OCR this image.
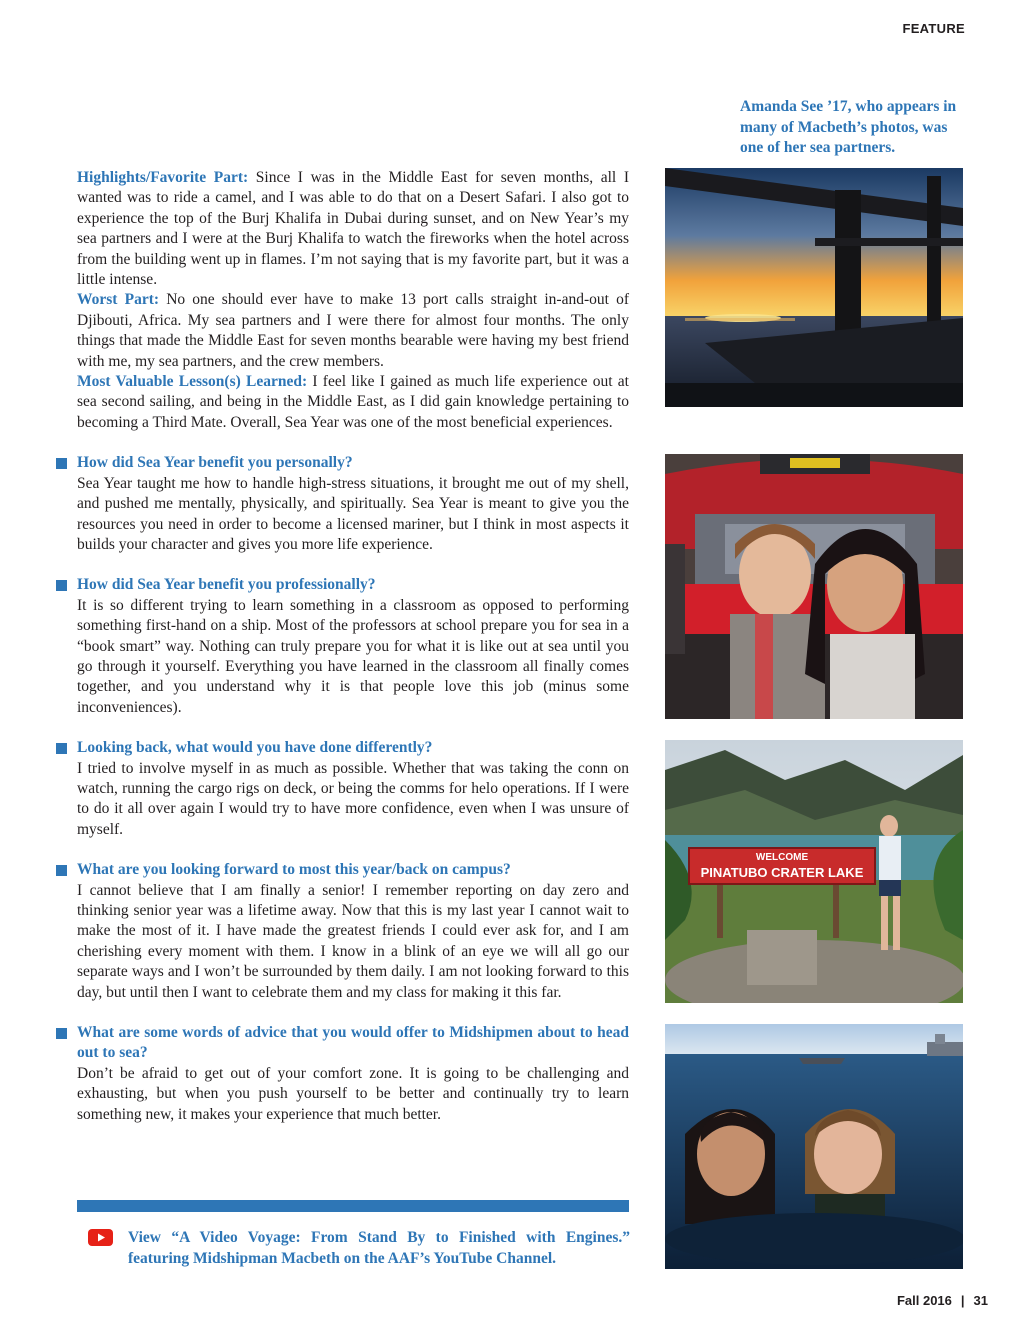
FEATURE
Amanda See ’17, who appears in many of Macbeth’s photos, was one of her sea partners.

Highlights/Favorite Part: Since I was in the Middle East for seven months, all I wanted was to ride a camel, and I was able to do that on a Desert Safari. I also got to experience the top of the Burj Khalifa in Dubai during sunset, and on New Year’s my sea partners and I were at the Burj Khalifa to watch the fireworks when the hotel across from the building went up in flames. I’m not saying that is my favorite part, but it was a little intense.

Worst Part: No one should ever have to make 13 port calls straight in-and-out of Djibouti, Africa. My sea partners and I were there for almost four months. The only things that made the Middle East for seven months bearable were having my best friend with me, my sea partners, and the crew members.

Most Valuable Lesson(s) Learned: I feel like I gained as much life experience out at sea second sailing, and being in the Middle East, as I did gain knowledge pertaining to becoming a Third Mate. Overall, Sea Year was one of the most beneficial experiences.

How did Sea Year benefit you personally?
Sea Year taught me how to handle high-stress situations, it brought me out of my shell, and pushed me mentally, physically, and spiritually. Sea Year is meant to give you the resources you need in order to become a licensed mariner, but I think in most aspects it builds your character and gives you more life experience.
How did Sea Year benefit you professionally?
It is so different trying to learn something in a classroom as opposed to performing something first-hand on a ship. Most of the professors at school prepare you for sea in a “book smart” way. Nothing can truly prepare you for what it is like out at sea until you go through it yourself. Everything you have learned in the classroom all finally comes together, and you understand why it is that people love this job (minus some inconveniences).
Looking back, what would you have done differently?
I tried to involve myself in as much as possible. Whether that was taking the conn on watch, running the cargo rigs on deck, or being the comms for helo operations. If I were to do it all over again I would try to have more confidence, even when I was unsure of myself.
What are you looking forward to most this year/back on campus?
I cannot believe that I am finally a senior! I remember reporting on day zero and thinking senior year was a lifetime away. Now that this is my last year I cannot wait to make the most of it. I have made the greatest friends I could ever ask for, and I am cherishing every moment with them. I know in a blink of an eye we will all go our separate ways and I won’t be surrounded by them daily. I am not looking forward to this day, but until then I want to celebrate them and my class for making it this far.
What are some words of advice that you would offer to Midshipmen about to head out to sea?
Don’t be afraid to get out of your comfort zone. It is going to be challenging and exhausting, but when you push yourself to be better and continually try to learn something new, it makes your experience that much better.
View “A Video Voyage: From Stand By to Finished with Engines.” featuring Midshipman Macbeth on the AAF’s YouTube Channel.
WELCOME
PINATUBO CRATER LAKE
Fall 2016 | 31
